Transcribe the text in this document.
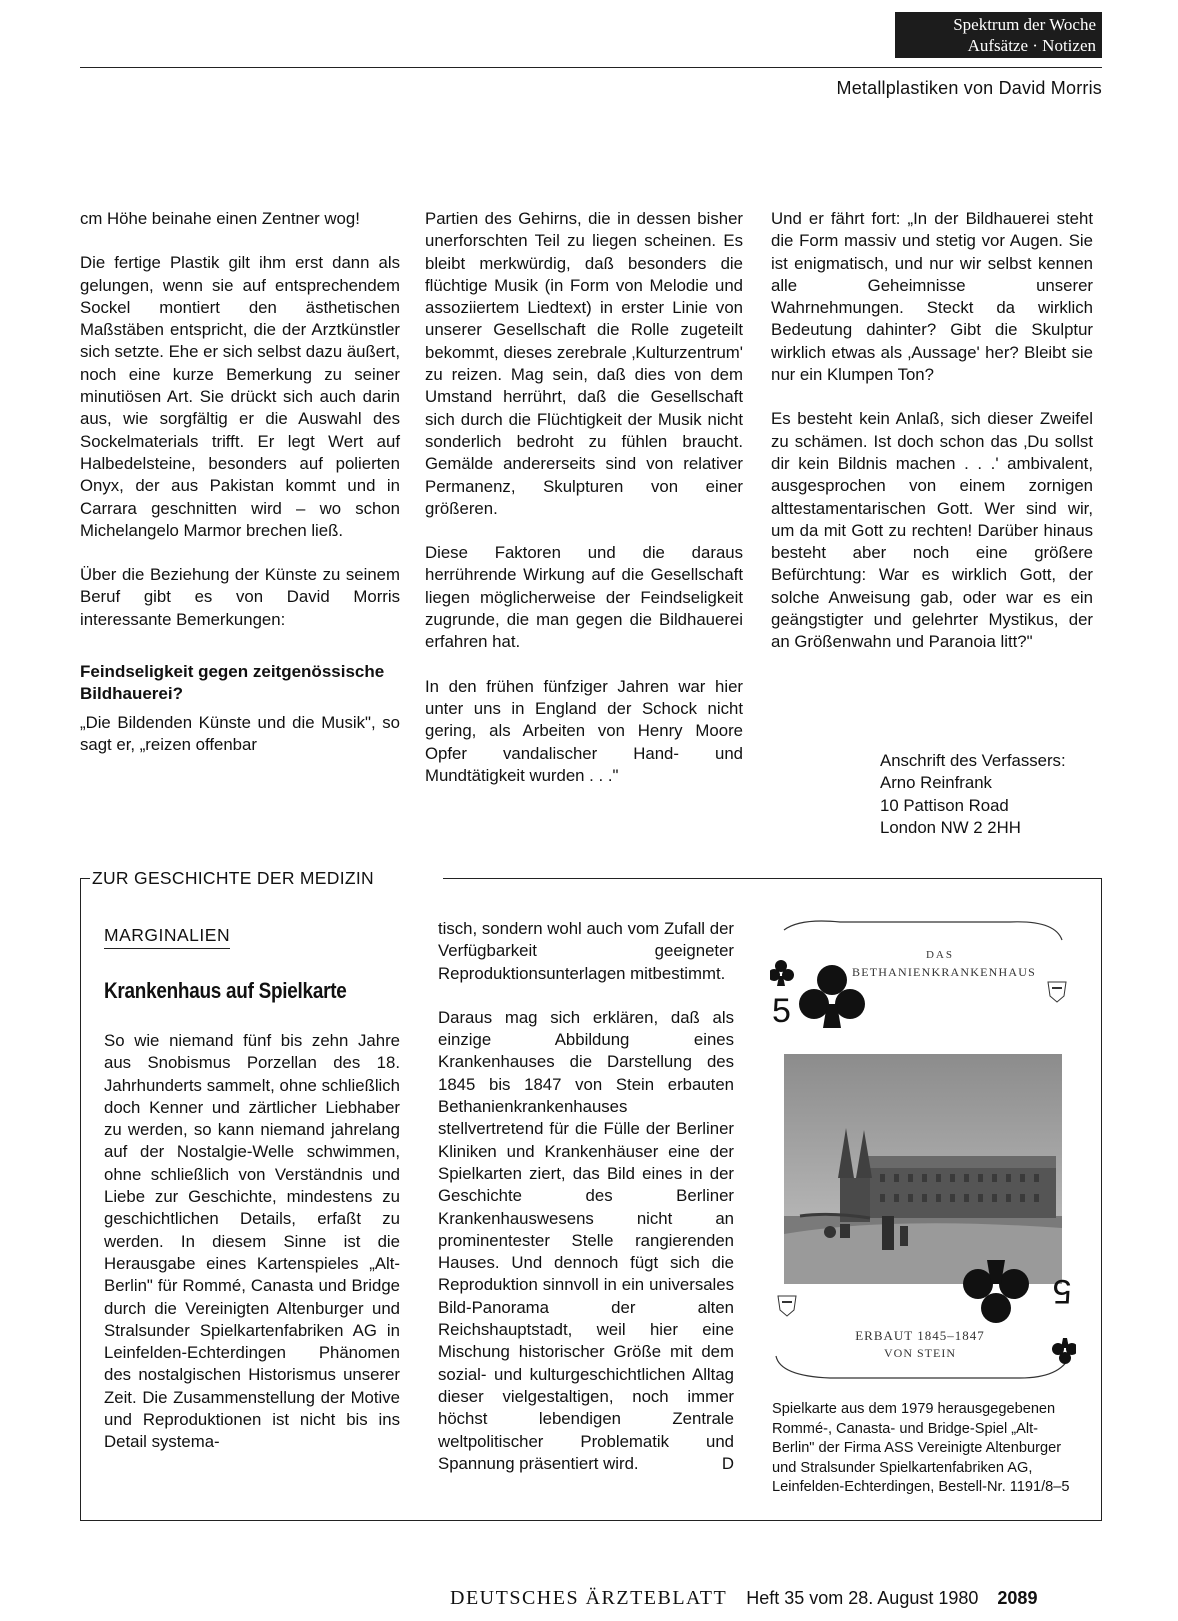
Spektrum der Woche
Aufsätze · Notizen
Metallplastiken von David Morris

cm Höhe beinahe einen Zentner wog!

Die fertige Plastik gilt ihm erst dann als gelungen, wenn sie auf entsprechendem Sockel montiert den ästhetischen Maßstäben entspricht, die der Arztkünstler sich setzte. Ehe er sich selbst dazu äußert, noch eine kurze Bemerkung zu seiner minutiösen Art. Sie drückt sich auch darin aus, wie sorgfältig er die Auswahl des Sockelmaterials trifft. Er legt Wert auf Halbedelsteine, besonders auf polierten Onyx, der aus Pakistan kommt und in Carrara geschnitten wird – wo schon Michelangelo Marmor brechen ließ.

Über die Beziehung der Künste zu seinem Beruf gibt es von David Morris interessante Bemerkungen:

Feindseligkeit gegen zeitgenössische Bildhauerei?

„Die Bildenden Künste und die Musik", so sagt er, „reizen offenbar

Partien des Gehirns, die in dessen bisher unerforschten Teil zu liegen scheinen. Es bleibt merkwürdig, daß besonders die flüchtige Musik (in Form von Melodie und assoziiertem Liedtext) in erster Linie von unserer Gesellschaft die Rolle zugeteilt bekommt, dieses zerebrale ‚Kulturzentrum' zu reizen. Mag sein, daß dies von dem Umstand herrührt, daß die Gesellschaft sich durch die Flüchtigkeit der Musik nicht sonderlich bedroht zu fühlen braucht. Gemälde andererseits sind von relativer Permanenz, Skulpturen von einer größeren.

Diese Faktoren und die daraus herrührende Wirkung auf die Gesellschaft liegen möglicherweise der Feindseligkeit zugrunde, die man gegen die Bildhauerei erfahren hat.

In den frühen fünfziger Jahren war hier unter uns in England der Schock nicht gering, als Arbeiten von Henry Moore Opfer vandalischer Hand- und Mundtätigkeit wurden . . ."

Und er fährt fort: „In der Bildhauerei steht die Form massiv und stetig vor Augen. Sie ist enigmatisch, und nur wir selbst kennen alle Geheimnisse unserer Wahrnehmungen. Steckt da wirklich Bedeutung dahinter? Gibt die Skulptur wirklich etwas als ‚Aussage' her? Bleibt sie nur ein Klumpen Ton?

Es besteht kein Anlaß, sich dieser Zweifel zu schämen. Ist doch schon das ‚Du sollst dir kein Bildnis machen . . .' ambivalent, ausgesprochen von einem zornigen alttestamentarischen Gott. Wer sind wir, um da mit Gott zu rechten! Darüber hinaus besteht aber noch eine größere Befürchtung: War es wirklich Gott, der solche Anweisung gab, oder war es ein geängstigter und gelehrter Mystikus, der an Größenwahn und Paranoia litt?"

Anschrift des Verfassers:
Arno Reinfrank
10 Pattison Road
London NW 2 2HH
ZUR GESCHICHTE DER MEDIZIN
MARGINALIEN
Krankenhaus auf Spielkarte

So wie niemand fünf bis zehn Jahre aus Snobismus Porzellan des 18. Jahrhunderts sammelt, ohne schließlich doch Kenner und zärtlicher Liebhaber zu werden, so kann niemand jahrelang auf der Nostalgie-Welle schwimmen, ohne schließlich von Verständnis und Liebe zur Geschichte, mindestens zu geschichtlichen Details, erfaßt zu werden. In diesem Sinne ist die Herausgabe eines Kartenspieles „Alt-Berlin" für Rommé, Canasta und Bridge durch die Vereinigten Altenburger und Stralsunder Spielkartenfabriken AG in Leinfelden-Echterdingen Phänomen des nostalgischen Historismus unserer Zeit. Die Zusammenstellung der Motive und Reproduktionen ist nicht bis ins Detail systema-

tisch, sondern wohl auch vom Zufall der Verfügbarkeit geeigneter Reproduktionsunterlagen mitbestimmt.

Daraus mag sich erklären, daß als einzige Abbildung eines Krankenhauses die Darstellung des 1845 bis 1847 von Stein erbauten Bethanienkrankenhauses stellvertretend für die Fülle der Berliner Kliniken und Krankenhäuser eine der Spielkarten ziert, das Bild eines in der Geschichte des Berliner Krankenhauswesens nicht an prominentester Stelle rangierenden Hauses. Und dennoch fügt sich die Reproduktion sinnvoll in ein universales Bild-Panorama der alten Reichshauptstadt, weil hier eine Mischung historischer Größe mit dem sozial- und kulturgeschichtlichen Alltag dieser vielgestaltigen, noch immer höchst lebendigen Zentrale weltpolitischer Problematik und Spannung präsentiert wird.	D

DAS
BETHANIENKRANKENHAUS
5
5
ERBAUT 1845–1847
VON STEIN
Spielkarte aus dem 1979 herausgegebenen Rommé-, Canasta- und Bridge-Spiel „Alt-Berlin" der Firma ASS Vereinigte Altenburger und Stralsunder Spielkartenfabriken AG, Leinfelden-Echterdingen, Bestell-Nr. 1191/8–5
DEUTSCHES ÄRZTEBLATT Heft 35 vom 28. August 1980 2089
